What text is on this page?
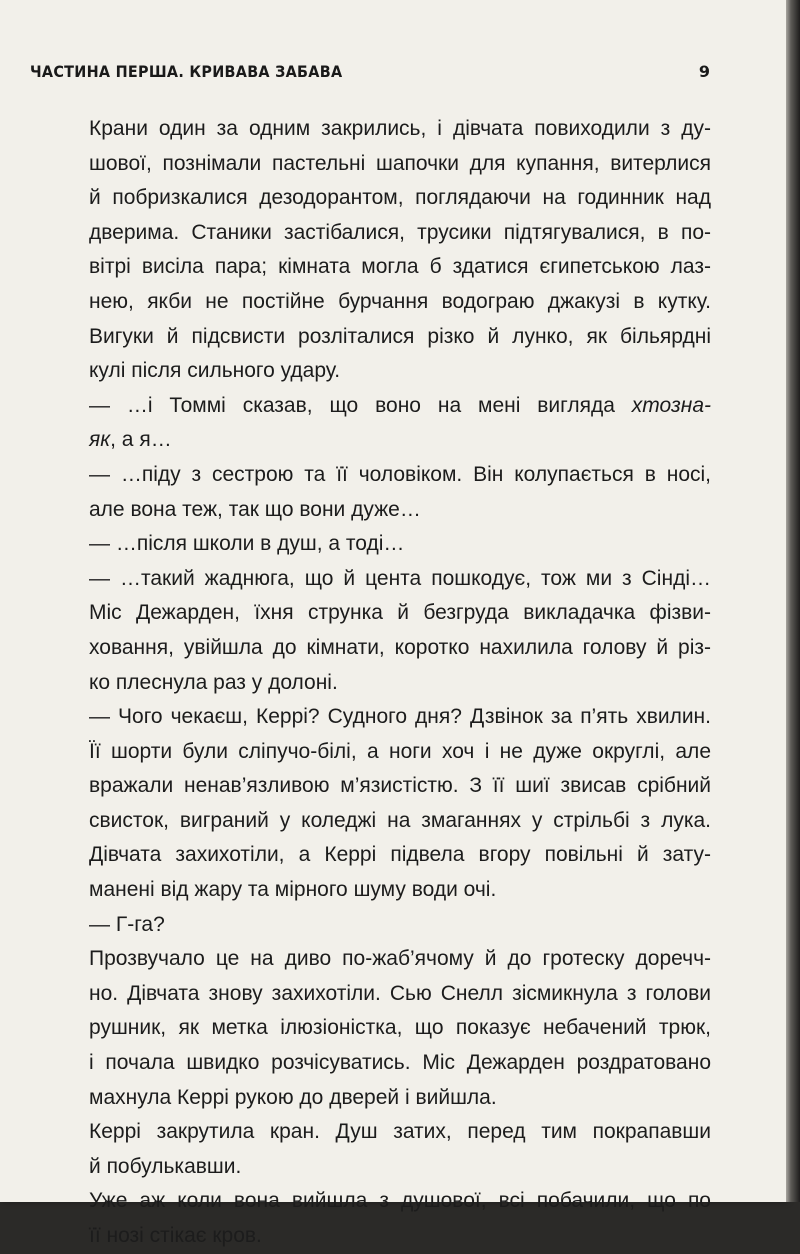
ЧАСТИНА ПЕРША. КРИВАВА ЗАБАВА	9
Крани один за одним закрились, і дівчата повиходили з ду-
шової, познімали пастельні шапочки для купання, витерлися
й побризкалися дезодорантом, поглядаючи на годинник над
дверима. Станики застібалися, трусики підтягувалися, в по-
вітрі висіла пара; кімната могла б здатися єгипетською лаз-
нею, якби не постійне бурчання водограю джакузі в кутку.
Вигуки й підсвисти розліталися різко й лунко, як більярдні
кулі після сильного удару.
— …і Томмі сказав, що воно на мені вигляда хтозна-
як, а я…
— …піду з сестрою та її чоловіком. Він колупається в носі,
але вона теж, так що вони дуже…
— …після школи в душ, а тоді…
— …такий жаднюга, що й цента пошкодує, тож ми з Сінді…
Міс Дежарден, їхня струнка й безгруда викладачка фізви-
ховання, увійшла до кімнати, коротко нахилила голову й різ-
ко плеснула раз у долоні.
— Чого чекаєш, Керрі? Судного дня? Дзвінок за п’ять хвилин.
Її шорти були сліпучо-білі, а ноги хоч і не дуже округлі, але
вражали ненав’язливою м’язистістю. З її шиї звисав срібний
свисток, виграний у коледжі на змаганнях у стрільбі з лука.
Дівчата захихотіли, а Керрі підвела вгору повільні й зату-
манені від жару та мірного шуму води очі.
— Г-га?
Прозвучало це на диво по-жаб’ячому й до гротеску доречч-
но. Дівчата знову захихотіли. Сью Снелл зісмикнула з голови
рушник, як метка ілюзіоністка, що показує небачений трюк,
і почала швидко розчісуватись. Міс Дежарден роздратовано
махнула Керрі рукою до дверей і вийшла.
Керрі закрутила кран. Душ затих, перед тим покрапавши
й побулькавши.
Уже аж коли вона вийшла з душової, всі побачили, що по
її нозі стікає кров.
